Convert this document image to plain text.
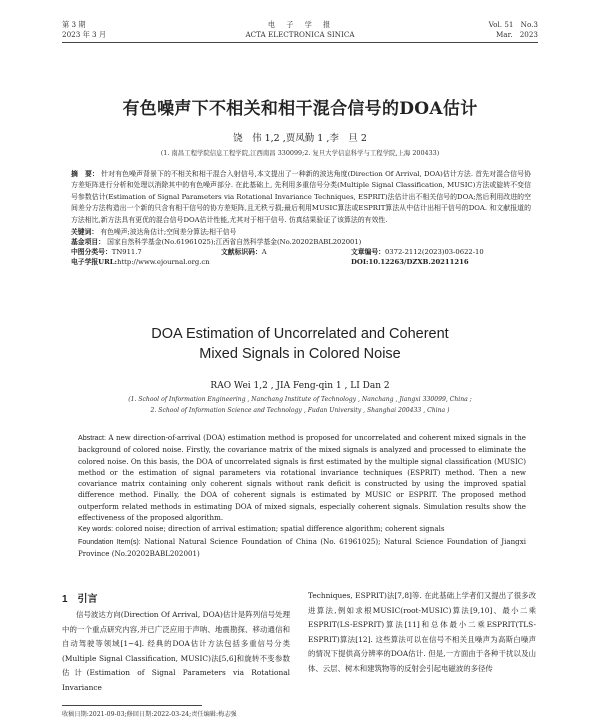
第 3 期
2023 年 3 月
电　子　学　报
ACTA ELECTRONICA SINICA
Vol. 51　No.3
Mar.　2023
有色噪声下不相关和相干混合信号的DOA估计
饶　伟 1,2 ,贾凤勤 1 ,李　旦 2
(1. 南昌工程学院信息工程学院,江西南昌 330099;2. 复旦大学信息科学与工程学院,上海 200433)
摘　要： 针对有色噪声背景下的不相关和相干混合入射信号,本文提出了一种新的波达角度(Direction Of Arrival, DOA)估计方法. 首先对混合信号协方差矩阵进行分析和处理以消除其中的有色噪声部分. 在此基础上, 先利用多重信号分类(Multiple Signal Classification, MUSIC)方法或旋转不变信号参数估计(Estimation of Signal Parameters via Rotational Invariance Techniques, ESPRIT)法估计出不相关信号的DOA;然后利用改进的空间差分方法构造出一个新的只含有相干信号的协方差矩阵,且无秩亏损;最后利用MUSIC算法或ESPRIT算法从中估计出相干信号的DOA. 和文献报道的方法相比,新方法具有更优的混合信号DOA估计性能,尤其对于相干信号. 仿真结果验证了该算法的有效性.
关键词： 有色噪声;波达角估计;空间差分算法;相干信号
基金项目： 国家自然科学基金(No.61961025);江西省自然科学基金(No.20202BABL202001)
中图分类号：TN911.7	文献标识码：A	文章编号：0372-2112(2023)03-0622-10
电子学报URL:http://www.ejournal.org.cn	DOI:10.12263/DZXB.20211216
DOA Estimation of Uncorrelated and Coherent Mixed Signals in Colored Noise
RAO Wei 1,2 , JIA Feng-qin 1 , LI Dan 2
(1. School of Information Engineering , Nanchang Institute of Technology , Nanchang , Jiangxi 330099, China ;
2. School of Information Science and Technology , Fudan University , Shanghai 200433 , China )
Abstract: A new direction-of-arrival (DOA) estimation method is proposed for uncorrelated and coherent mixed signals in the background of colored noise. Firstly, the covariance matrix of the mixed signals is analyzed and processed to eliminate the colored noise. On this basis, the DOA of uncorrelated signals is first estimated by the multiple signal classification (MUSIC) method or the estimation of signal parameters via rotational invariance techniques (ESPRIT) method. Then a new covariance matrix containing only coherent signals without rank deficit is constructed by using the improved spatial difference method. Finally, the DOA of coherent signals is estimated by MUSIC or ESPRIT. The proposed method outperform related methods in estimating DOA of mixed signals, especially coherent signals. Simulation results show the effectiveness of the proposed algorithm.
Key words: colored noise; direction of arrival estimation; spatial difference algorithm; coherent signals
Foundation Item(s): National Natural Science Foundation of China (No. 61961025); Natural Science Foundation of Jiangxi Province (No.20202BABL202001)
1　引言
信号波达方向(Direction Of Arrival, DOA)估计是阵列信号处理中的一个重点研究内容,并已广泛应用于声呐、地震勘探、移动通信和自动驾驶等领域[1~4]. 经典的DOA估计方法包括多重信号分类(Multiple Signal Classification, MUSIC)法[5,6]和旋转不变参数估计(Estimation of Signal Parameters via Rotational Invariance
Techniques, ESPRIT)法[7,8]等. 在此基础上学者们又提出了很多改进算法,例如求根MUSIC(root-MUSIC)算法[9,10]、最小二乘ESPRIT(LS-ESPRIT)算法[11]和总体最小二乘ESPRIT(TLS-ESPRIT)算法[12]. 这些算法可以在信号不相关且噪声为高斯白噪声的情况下提供高分辨率的DOA估计. 但是,一方面由于各种干扰以及山体、云层、树木和建筑物等的反射会引起电磁波的多径传
收稿日期:2021-09-03;修回日期:2022-03-24;责任编辑:梅志强
